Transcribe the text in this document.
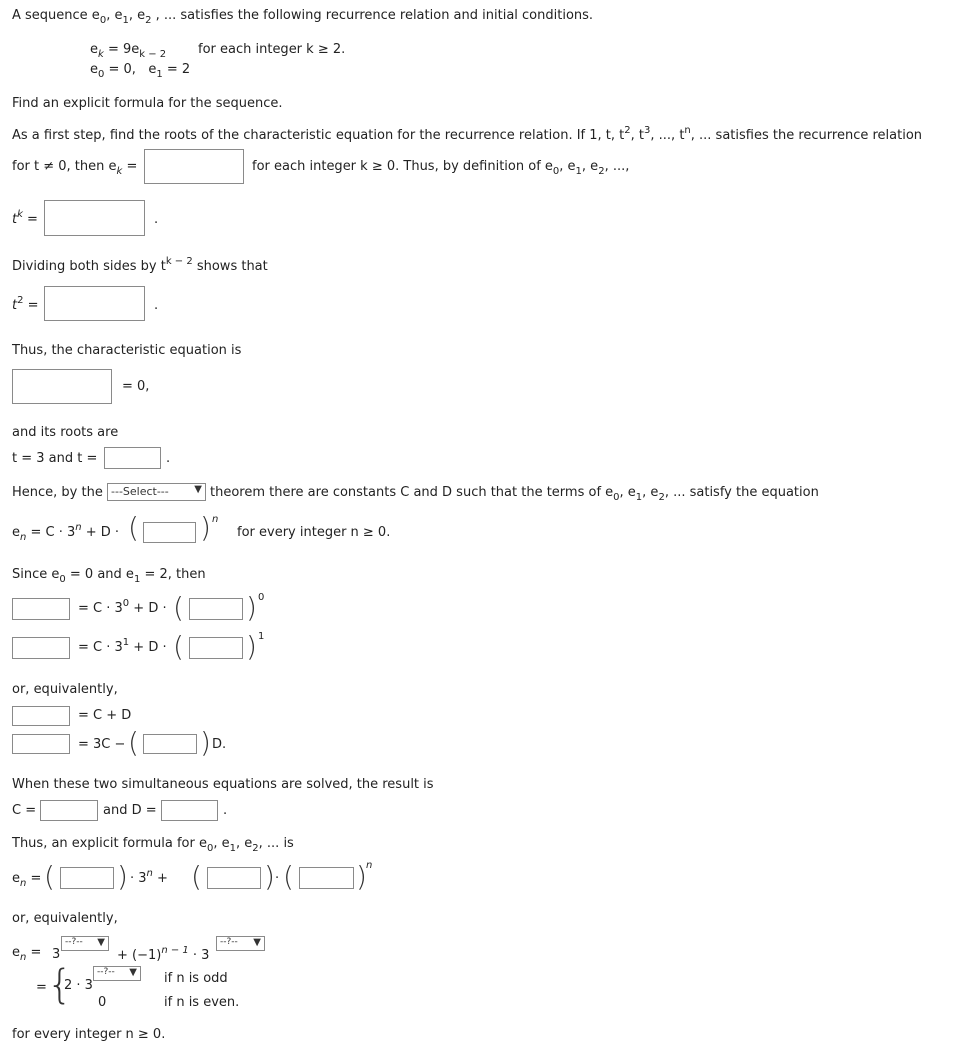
A sequence $e_0$, $e_1$, $e_2$ , ... satisfies the following recurrence relation and initial conditions.
$e_k = 9e_{k - 2}$ for each integer k ≥ 2.
$e_0 = 0$, $e_1 = 2$
Find an explicit formula for the sequence.
As a first step, find the roots of the characteristic equation for the recurrence relation. If 1, t, $t^2$, $t^3$, ..., $t^n$, ... satisfies the recurrence relation
for t ≠ 0, then $e_k$ =	for each integer k ≥ 0. Thus, by definition of $e_0$, $e_1$, $e_2$, ...,
$t^k$ =	.
Dividing both sides by $t^{k - 2}$ shows that
$t^2$ =	.
Thus, the characteristic equation is
= 0,
and its roots are
t = 3 and t =	.
Hence, by the ---Select---	▼ theorem there are constants C and D such that the terms of $e_0$, $e_1$, $e_2$, ... satisfy the equation
$e_n = C \cdot 3^n + D$ · ( ) n
for every integer n ≥ 0.
Since $e_0 = 0$ and $e_1 = 2$, then
= $C \cdot 3^0 + D$ · ( ) 0
= $C \cdot 3^1 + D$ · ( ) 1
or, equivalently,
= C + D
= 3C − ( ) D.
When these two simultaneous equations are solved, the result is
C =	and D =	.
Thus, an explicit formula for $e_0$, $e_1$, $e_2$, ... is
$e_n$ = ( ) · $3^n$ + ( ) · ( ) n
or, equivalently,
$e_n = 3$
--?-- ▼
+ $(-1)^{n - 1} \cdot 3$
--?-- ▼
= {
2 · 3
--?-- ▼ if n is odd
0	if n is even.
for every integer n ≥ 0.
